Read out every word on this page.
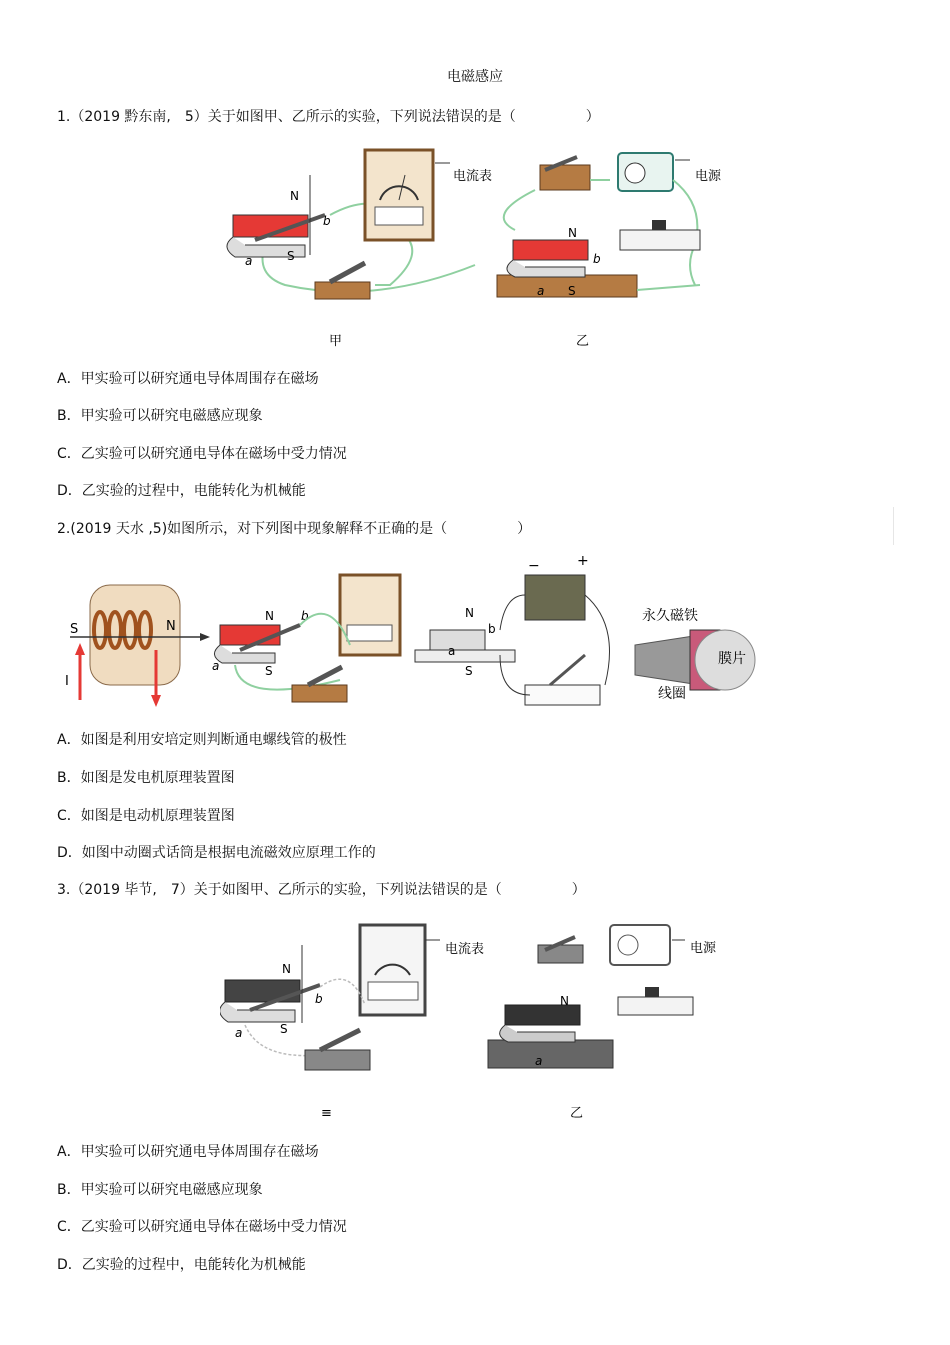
电磁感应
1.（2019 黔东南,　5）关于如图甲、乙所示的实验，下列说法错误的是（　　　　　）
N
S
a
b
电流表	电源
N
b
a S
甲	乙
A．甲实验可以研究通电导体周围存在磁场
B．甲实验可以研究电磁感应现象
C．乙实验可以研究通电导体在磁场中受力情况
D．乙实验的过程中，电能转化为机械能
2.(2019 天水 ,5)如图所示，对下列图中现象解释不正确的是（　　　　　）
S	N
I
N
S
a
b
−	+
N
S
a
b
永久磁铁
膜片
线圈
A．如图是利用安培定则判断通电螺线管的极性
B．如图是发电机原理装置图
C．如图是电动机原理装置图
D．如图中动圈式话筒是根据电流磁效应原理工作的
3.（2019 毕节,　7）关于如图甲、乙所示的实验，下列说法错误的是（　　　　　）
N
S
a
b
电流表	电源
N
a
≡	乙
A．甲实验可以研究通电导体周围存在磁场
B．甲实验可以研究电磁感应现象
C．乙实验可以研究通电导体在磁场中受力情况
D．乙实验的过程中，电能转化为机械能
